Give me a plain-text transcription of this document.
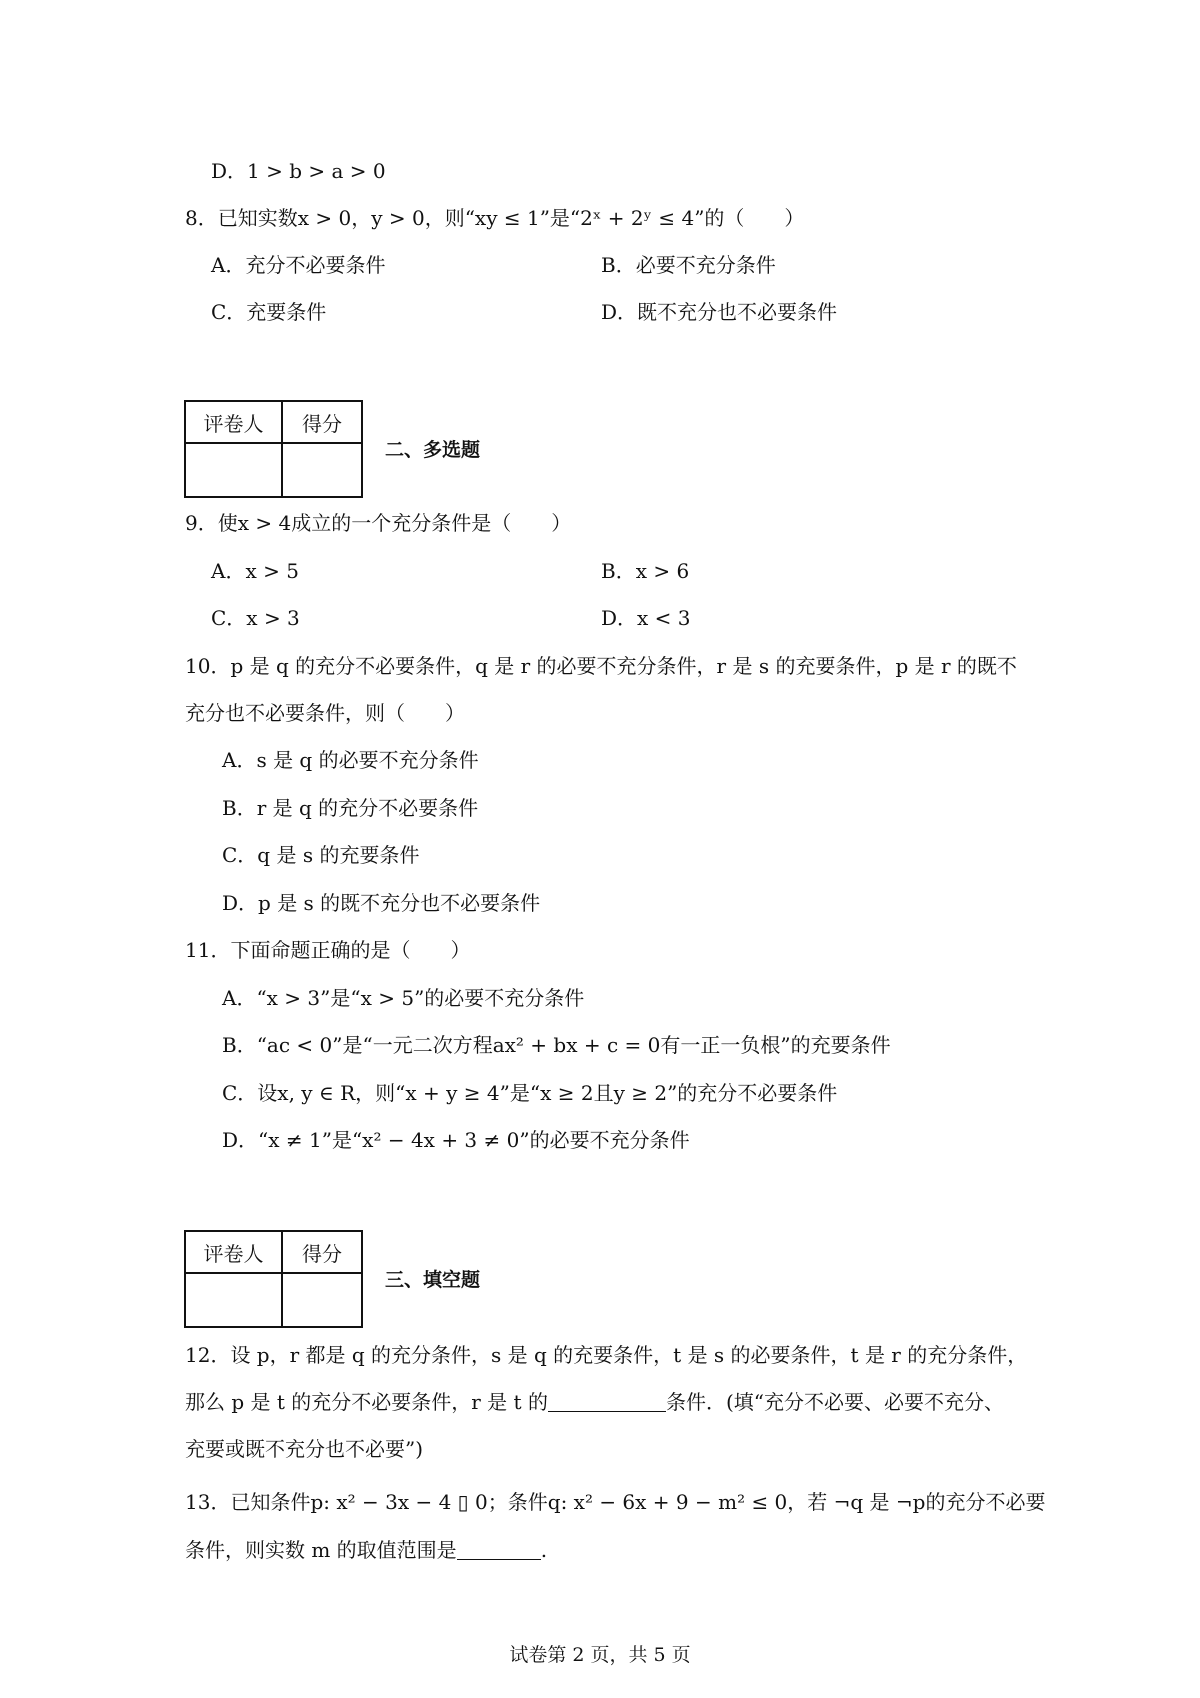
D．1 > b > a > 0
8．已知实数x > 0，y > 0，则“xy ≤ 1”是“2ˣ + 2ʸ ≤ 4”的（　　）
A．充分不必要条件	B．必要不充分条件
C．充要条件	D．既不充分也不必要条件
评卷人	得分

二、多选题
9．使x > 4成立的一个充分条件是（　　）
A．x > 5	B．x > 6
C．x > 3	D．x < 3
10．p 是 q 的充分不必要条件，q 是 r 的必要不充分条件，r 是 s 的充要条件，p 是 r 的既不
充分也不必要条件，则（　　）
A．s 是 q 的必要不充分条件
B．r 是 q 的充分不必要条件
C．q 是 s 的充要条件
D．p 是 s 的既不充分也不必要条件
11．下面命题正确的是（　　）
A．“x > 3”是“x > 5”的必要不充分条件
B．“ac < 0”是“一元二次方程ax² + bx + c = 0有一正一负根”的充要条件
C．设x, y ∈ R，则“x + y ≥ 4”是“x ≥ 2且y ≥ 2”的充分不必要条件
D．“x ≠ 1”是“x² − 4x + 3 ≠ 0”的必要不充分条件
评卷人	得分

三、填空题
12．设 p，r 都是 q 的充分条件，s 是 q 的充要条件，t 是 s 的必要条件，t 是 r 的充分条件，
那么 p 是 t 的充分不必要条件，r 是 t 的	条件．(填“充分不必要、必要不充分、
充要或既不充分也不必要”)
13．已知条件p: x² − 3x − 4 ▯ 0；条件q: x² − 6x + 9 − m² ≤ 0，若 ¬q 是 ¬p的充分不必要
条件，则实数 m 的取值范围是	.
试卷第 2 页，共 5 页
